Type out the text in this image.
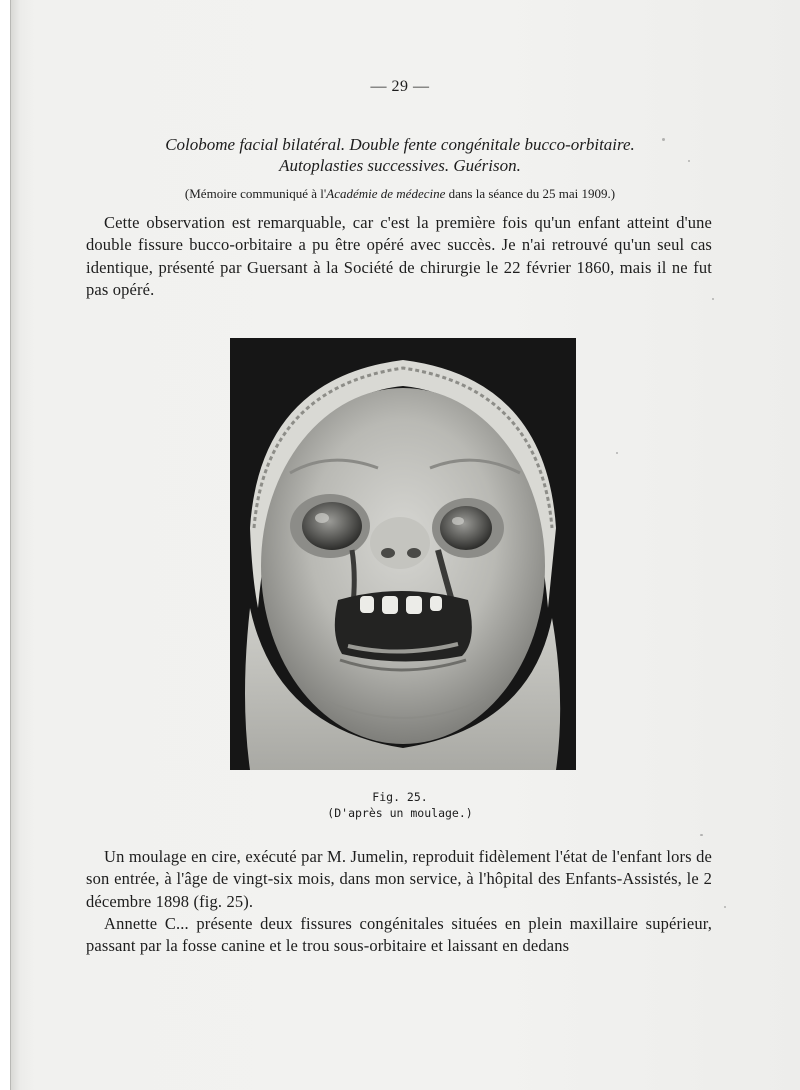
— 29 —
Colobome facial bilatéral. Double fente congénitale bucco-orbitaire.
Autoplasties successives. Guérison.
(Mémoire communiqué à l'Académie de médecine dans la séance du 25 mai 1909.)

Cette observation est remarquable, car c'est la première fois qu'un enfant atteint d'une double fissure bucco-orbitaire a pu être opéré avec succès. Je n'ai retrouvé qu'un seul cas identique, présenté par Guersant à la Société de chirurgie le 22 février 1860, mais il ne fut pas opéré.

Fig. 25.
(D'après un moulage.)

Un moulage en cire, exécuté par M. Jumelin, reproduit fidèlement l'état de l'enfant lors de son entrée, à l'âge de vingt-six mois, dans mon service, à l'hôpital des Enfants-Assistés, le 2 décembre 1898 (fig. 25).

Annette C... présente deux fissures congénitales situées en plein maxillaire supérieur, passant par la fosse canine et le trou sous-orbitaire et laissant en dedans
